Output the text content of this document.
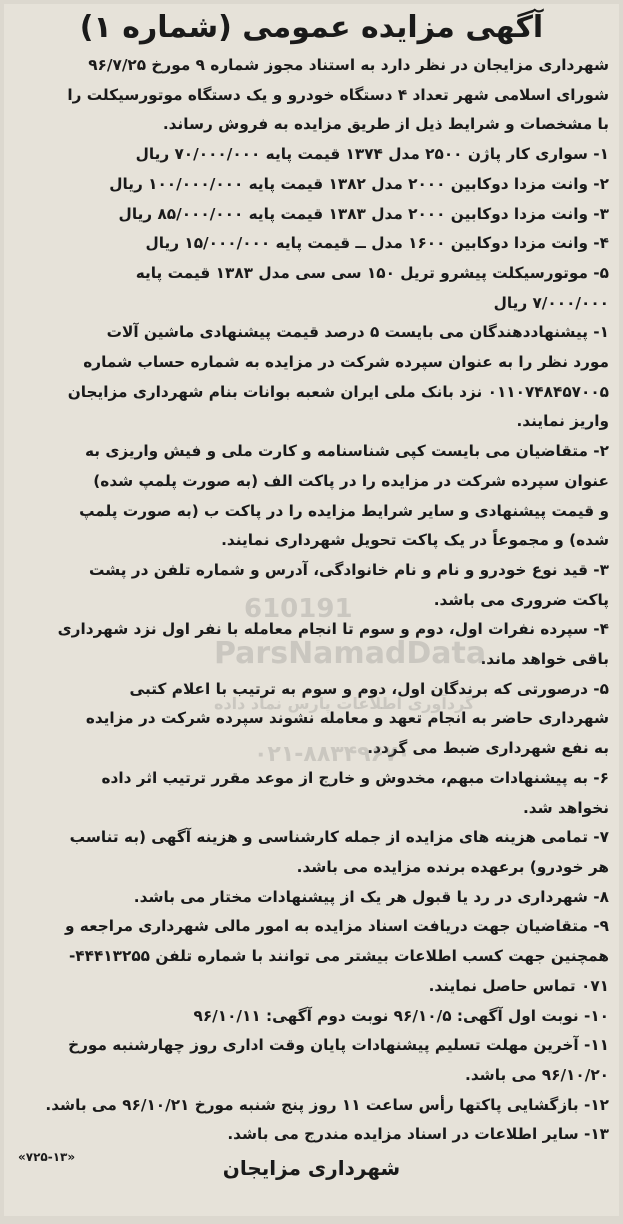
آگهی مزایده عمومی (شماره ۱)

شهرداری مزایجان در نظر دارد به استناد مجوز شماره ۹ مورخ ۹۶/۷/۲۵

شورای اسلامی شهر تعداد ۴ دستگاه خودرو و یک دستگاه موتورسیکلت را

با مشخصات و شرایط ذیل از طریق مزایده به فروش رساند.

۱- سواری کار پاژن ۲۵۰۰ مدل ۱۳۷۴ قیمت پایه ۷۰/۰۰۰/۰۰۰ ریال

۲- وانت مزدا دوکابین ۲۰۰۰ مدل ۱۳۸۲ قیمت پایه ۱۰۰/۰۰۰/۰۰۰ ریال

۳- وانت مزدا دوکابین ۲۰۰۰ مدل ۱۳۸۳ قیمت پایه ۸۵/۰۰۰/۰۰۰ ریال

۴- وانت مزدا دوکابین ۱۶۰۰ مدل ــ قیمت پایه ۱۵/۰۰۰/۰۰۰ ریال

۵- موتورسیکلت پیشرو تریل ۱۵۰ سی سی مدل ۱۳۸۳ قیمت پایه

۷/۰۰۰/۰۰۰ ریال

۱- پیشنهاددهندگان می بایست ۵ درصد قیمت پیشنهادی ماشین آلات

مورد نظر را به عنوان سپرده شرکت در مزایده به شماره حساب شماره

۰۱۱۰۷۴۸۴۵۷۰۰۵ نزد بانک ملی ایران شعبه بوانات بنام شهرداری مزایجان

واریز نمایند.

۲- متقاضیان می بایست کپی شناسنامه و کارت ملی و فیش واریزی به

عنوان سپرده شرکت در مزایده را در پاکت الف (به صورت پلمپ شده)

و قیمت پیشنهادی و سایر شرایط مزایده را در پاکت ب (به صورت پلمپ

شده) و مجموعاً در یک پاکت تحویل شهرداری نمایند.

۳- قید نوع خودرو و نام و نام خانوادگی، آدرس و شماره تلفن در پشت

پاکت ضروری می باشد.

۴- سپرده نفرات اول، دوم و سوم تا انجام معامله با نفر اول نزد شهرداری

باقی خواهد ماند.

۵- درصورتی که برندگان اول، دوم و سوم به ترتیب با اعلام کتبی

شهرداری حاضر به انجام تعهد و معامله نشوند سپرده شرکت در مزایده

به نفع شهرداری ضبط می گردد.

۶- به پیشنهادات مبهم، مخدوش و خارج از موعد مقرر ترتیب اثر داده

نخواهد شد.

۷- تمامی هزینه های مزایده از جمله کارشناسی و هزینه آگهی (به تناسب

هر خودرو) برعهده برنده مزایده می باشد.

۸- شهرداری در رد یا قبول هر یک از پیشنهادات مختار می باشد.

۹- متقاضیان جهت دریافت اسناد مزایده به امور مالی شهرداری مراجعه و

همچنین جهت کسب اطلاعات بیشتر می توانند با شماره تلفن ۴۴۴۱۳۲۵۵-

۰۷۱ تماس حاصل نمایند.

۱۰- نوبت اول آگهی: ۹۶/۱۰/۵ نوبت دوم آگهی: ۹۶/۱۰/۱۱

۱۱- آخرین مهلت تسلیم پیشنهادات پایان وقت اداری روز چهارشنبه مورخ

۹۶/۱۰/۲۰ می باشد.

۱۲- بازگشایی پاکتها رأس ساعت ۱۱ روز پنج شنبه مورخ ۹۶/۱۰/۲۱ می باشد.

۱۳- سایر اطلاعات در اسناد مزایده مندرج می باشد.

شهرداری مزایجان
«۷۲۵-۱۳»
610191
ParsNamadData
گردآوری اطلاعات پارس نماد داده
۰۲۱-۸۸۳۴۹۶۷۰
